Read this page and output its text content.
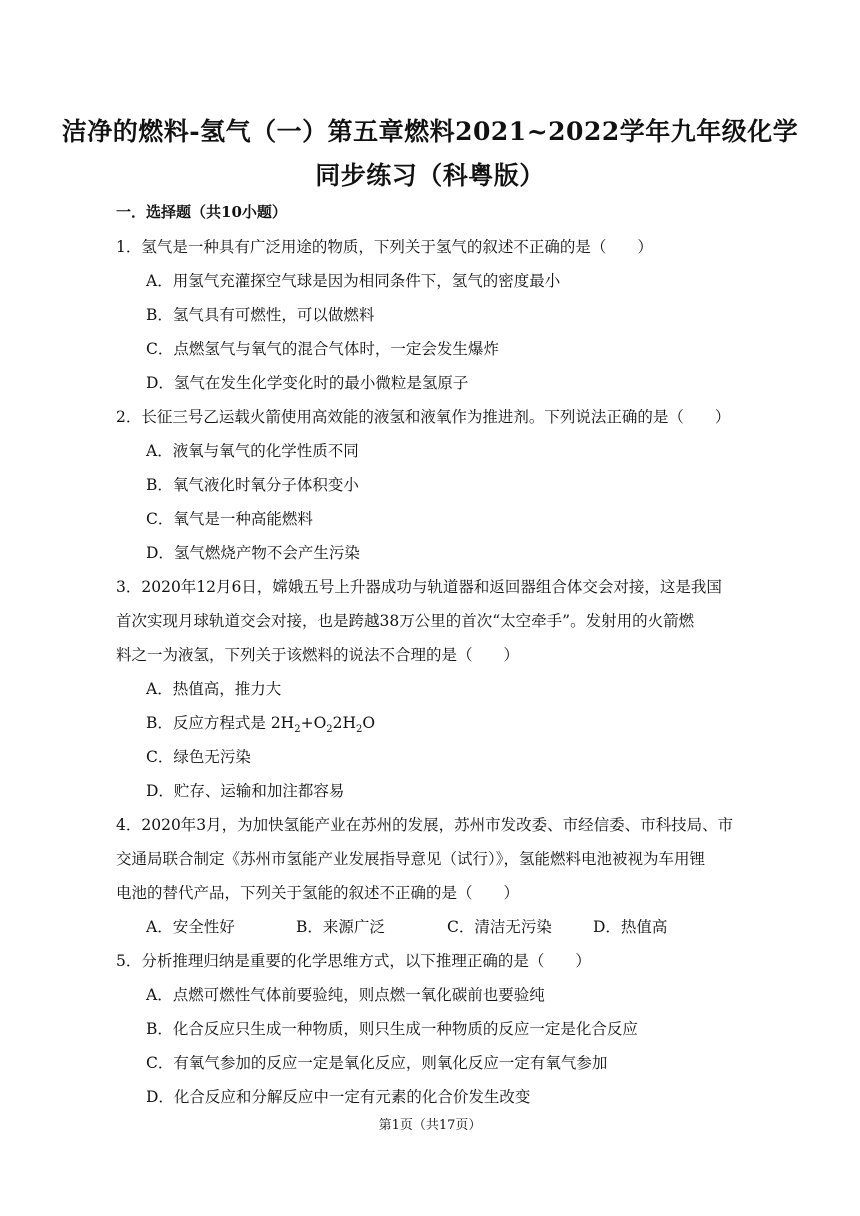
洁净的燃料-氢气（一）第五章燃料2021~2022学年九年级化学
同步练习（科粤版）
一．选择题（共10小题）
1．氢气是一种具有广泛用途的物质，下列关于氢气的叙述不正确的是（　　）
A．用氢气充灌探空气球是因为相同条件下，氢气的密度最小
B．氢气具有可燃性，可以做燃料
C．点燃氢气与氧气的混合气体时，一定会发生爆炸
D．氢气在发生化学变化时的最小微粒是氢原子
2．长征三号乙运载火箭使用高效能的液氢和液氧作为推进剂。下列说法正确的是（　　）
A．液氧与氧气的化学性质不同
B．氧气液化时氧分子体积变小
C．氧气是一种高能燃料
D．氢气燃烧产物不会产生污染
3．2020年12月6日，嫦娥五号上升器成功与轨道器和返回器组合体交会对接，这是我国
首次实现月球轨道交会对接，也是跨越38万公里的首次“太空牵手”。发射用的火箭燃
料之一为液氢，下列关于该燃料的说法不合理的是（　　）
A．热值高，推力大
B．反应方程式是 $2H_2+O_22H_2O$
C．绿色无污染
D．贮存、运输和加注都容易
4．2020年3月，为加快氢能产业在苏州的发展，苏州市发改委、市经信委、市科技局、市
交通局联合制定《苏州市氢能产业发展指导意见（试行）》，氢能燃料电池被视为车用锂
电池的替代产品，下列关于氢能的叙述不正确的是（　　）
A．安全性好	B．来源广泛	C．清洁无污染	D．热值高
5．分析推理归纳是重要的化学思维方式，以下推理正确的是（　　）
A．点燃可燃性气体前要验纯，则点燃一氧化碳前也要验纯
B．化合反应只生成一种物质，则只生成一种物质的反应一定是化合反应
C．有氧气参加的反应一定是氧化反应，则氧化反应一定有氧气参加
D．化合反应和分解反应中一定有元素的化合价发生改变
第1页（共17页）
